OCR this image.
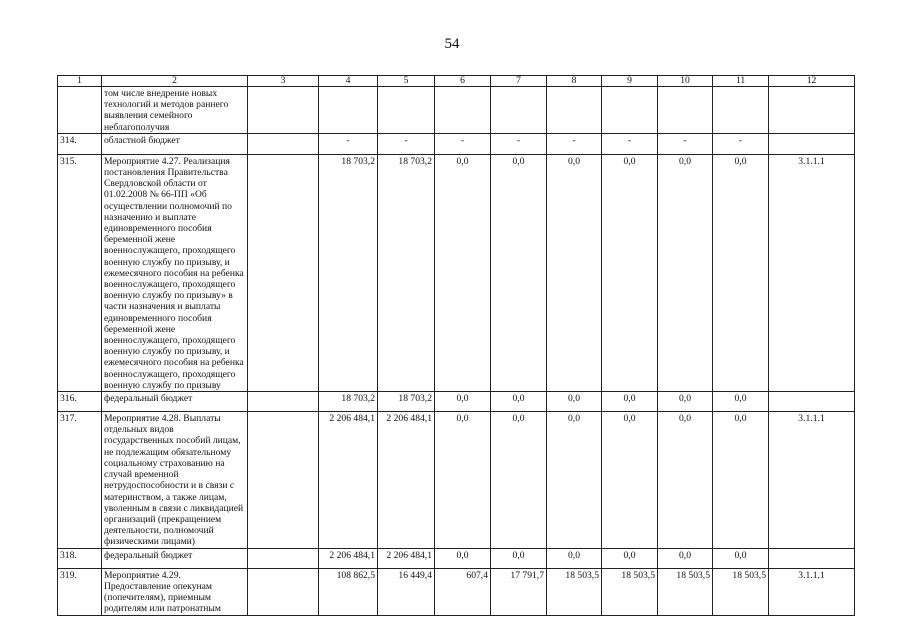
54
1	2	3	4	5	6	7	8	9	10	11	12
	том числе внедрение новых технологий и методов раннего выявления семейного неблагополучия										
314.	областной бюджет		-	-	-	-	-	-	-	-	
315.	Мероприятие 4.27. Реализация постановления Правительства Свердловской области от 01.02.2008 № 66-ПП «Об осуществлении полномочий по назначению и выплате единовременного пособия беременной жене военнослужащего, проходящего военную службу по призыву, и ежемесячного пособия на ребенка военнослужащего, проходящего военную службу по призыву» в части назначения и выплаты единовременного пособия беременной жене военнослужащего, проходящего военную службу по призыву, и ежемесячного пособия на ребенка военнослужащего, проходящего военную службу по призыву		18 703,2	18 703,2	0,0	0,0	0,0	0,0	0,0	0,0	3.1.1.1
316.	федеральный бюджет		18 703,2	18 703,2	0,0	0,0	0,0	0,0	0,0	0,0	
317.	Мероприятие 4.28. Выплаты отдельных видов государственных пособий лицам, не подлежащим обязательному социальному страхованию на случай временной нетрудоспособности и в связи с материнством, а также лицам, уволенным в связи с ликвидацией организаций (прекращением деятельности, полномочий физическими лицами)		2 206 484,1	2 206 484,1	0,0	0,0	0,0	0,0	0,0	0,0	3.1.1.1
318.	федеральный бюджет		2 206 484,1	2 206 484,1	0,0	0,0	0,0	0,0	0,0	0,0	
319.	Мероприятие 4.29. Предоставление опекунам (попечителям), приемным родителям или патронатным		108 862,5	16 449,4	607,4	17 791,7	18 503,5	18 503,5	18 503,5	18 503,5	3.1.1.1
